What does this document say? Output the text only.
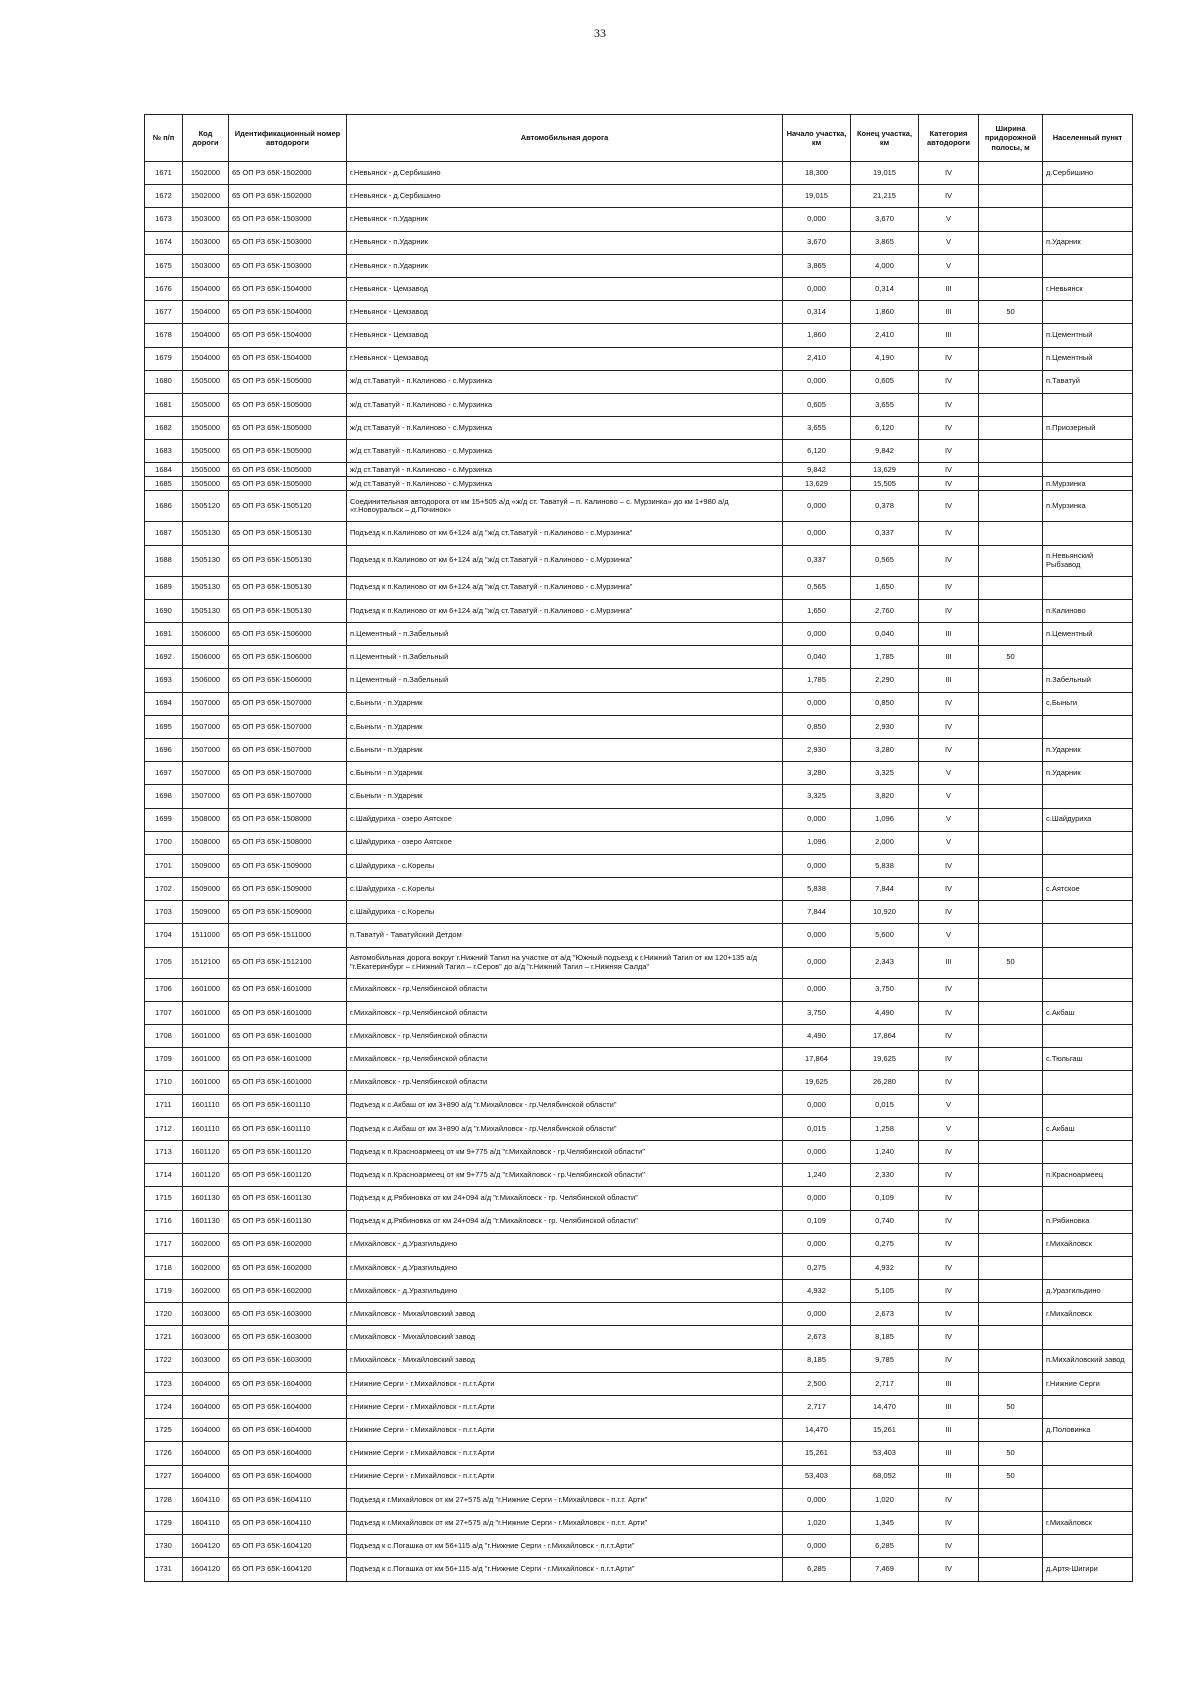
33
№ п/п	Код дороги	Идентификационный номер автодороги	Автомобильная дорога	Начало участка, км	Конец участка, км	Категория автодороги	Ширина придорожной полосы, м	Населенный пункт
1671	1502000	65 ОП РЗ 65К-1502000	г.Невьянск - д.Сербишино	18,300	19,015	IV		д.Сербишино
1672	1502000	65 ОП РЗ 65К-1502000	г.Невьянск - д.Сербишино	19,015	21,215	IV		
1673	1503000	65 ОП РЗ 65К-1503000	г.Невьянск - п.Ударник	0,000	3,670	V		
1674	1503000	65 ОП РЗ 65К-1503000	г.Невьянск - п.Ударник	3,670	3,865	V		п.Ударник
1675	1503000	65 ОП РЗ 65К-1503000	г.Невьянск - п.Ударник	3,865	4,000	V		
1676	1504000	65 ОП РЗ 65К-1504000	г.Невьянск - Цемзавод	0,000	0,314	III		г.Невьянск
1677	1504000	65 ОП РЗ 65К-1504000	г.Невьянск - Цемзавод	0,314	1,860	III	50	
1678	1504000	65 ОП РЗ 65К-1504000	г.Невьянск - Цемзавод	1,860	2,410	III		п.Цементный
1679	1504000	65 ОП РЗ 65К-1504000	г.Невьянск - Цемзавод	2,410	4,190	IV		п.Цементный
1680	1505000	65 ОП РЗ 65К-1505000	ж/д ст.Таватуй - п.Калиново - с.Мурзинка	0,000	0,605	IV		п.Таватуй
1681	1505000	65 ОП РЗ 65К-1505000	ж/д ст.Таватуй - п.Калиново - с.Мурзинка	0,605	3,655	IV		
1682	1505000	65 ОП РЗ 65К-1505000	ж/д ст.Таватуй - п.Калиново - с.Мурзинка	3,655	6,120	IV		п.Приозерный
1683	1505000	65 ОП РЗ 65К-1505000	ж/д ст.Таватуй - п.Калиново - с.Мурзинка	6,120	9,842	IV		
1684	1505000	65 ОП РЗ 65К-1505000	ж/д ст.Таватуй - п.Калиново - с.Мурзинка	9,842	13,629	IV		
1685	1505000	65 ОП РЗ 65К-1505000	ж/д ст.Таватуй - п.Калиново - с.Мурзинка	13,629	15,505	IV		п.Мурзинка
1686	1505120	65 ОП РЗ 65К-1505120	Соединительная автодорога от км 15+505 а/д «ж/д ст. Таватуй – п. Калиново – с. Мурзинка» до км 1+980 а/д «г.Новоуральск – д.Починок»	0,000	0,378	IV		п.Мурзинка
1687	1505130	65 ОП РЗ 65К-1505130	Подъезд к п.Калиново от км 6+124 а/д "ж/д ст.Таватуй - п.Калиново - с.Мурзинка"	0,000	0,337	IV		
1688	1505130	65 ОП РЗ 65К-1505130	Подъезд к п.Калиново от км 6+124 а/д "ж/д ст.Таватуй - п.Калиново - с.Мурзинка"	0,337	0,565	IV		п.Невьянский Рыбзавод
1689	1505130	65 ОП РЗ 65К-1505130	Подъезд к п.Калиново от км 6+124 а/д "ж/д ст.Таватуй - п.Калиново - с.Мурзинка"	0,565	1,650	IV		
1690	1505130	65 ОП РЗ 65К-1505130	Подъезд к п.Калиново от км 6+124 а/д "ж/д ст.Таватуй - п.Калиново - с.Мурзинка"	1,650	2,760	IV		п.Калиново
1691	1506000	65 ОП РЗ 65К-1506000	п.Цементный - п.Забельный	0,000	0,040	III		п.Цементный
1692	1506000	65 ОП РЗ 65К-1506000	п.Цементный - п.Забельный	0,040	1,785	III	50	
1693	1506000	65 ОП РЗ 65К-1506000	п.Цементный - п.Забельный	1,785	2,290	III		п.Забельный
1694	1507000	65 ОП РЗ 65К-1507000	с.Быньги - п.Ударник	0,000	0,850	IV		с.Быньги
1695	1507000	65 ОП РЗ 65К-1507000	с.Быньги - п.Ударник	0,850	2,930	IV		
1696	1507000	65 ОП РЗ 65К-1507000	с.Быньги - п.Ударник	2,930	3,280	IV		п.Ударник
1697	1507000	65 ОП РЗ 65К-1507000	с.Быньги - п.Ударник	3,280	3,325	V		п.Ударник
1698	1507000	65 ОП РЗ 65К-1507000	с.Быньги - п.Ударник	3,325	3,820	V		
1699	1508000	65 ОП РЗ 65К-1508000	с.Шайдуриха - озеро Аятское	0,000	1,096	V		с.Шайдуриха
1700	1508000	65 ОП РЗ 65К-1508000	с.Шайдуриха - озеро Аятское	1,096	2,000	V		
1701	1509000	65 ОП РЗ 65К-1509000	с.Шайдуриха - с.Корелы	0,000	5,838	IV		
1702	1509000	65 ОП РЗ 65К-1509000	с.Шайдуриха - с.Корелы	5,838	7,844	IV		с.Аятское
1703	1509000	65 ОП РЗ 65К-1509000	с.Шайдуриха - с.Корелы	7,844	10,920	IV		
1704	1511000	65 ОП РЗ 65К-1511000	п.Таватуй - Таватуйский Детдом	0,000	5,600	V		
1705	1512100	65 ОП РЗ 65К-1512100	Автомобильная дорога вокруг г.Нижний Тагил на участке от а/д "Южный подъезд к г.Нижний Тагил от км 120+135 а/д "г.Екатеринбург – г.Нижний Тагил – г.Серов" до а/д "г.Нижний Тагил – г.Нижняя Салда"	0,000	2,343	III	50	
1706	1601000	65 ОП РЗ 65К-1601000	г.Михайловск - гр.Челябинской области	0,000	3,750	IV		
1707	1601000	65 ОП РЗ 65К-1601000	г.Михайловск - гр.Челябинской области	3,750	4,490	IV		с.Акбаш
1708	1601000	65 ОП РЗ 65К-1601000	г.Михайловск - гр.Челябинской области	4,490	17,864	IV		
1709	1601000	65 ОП РЗ 65К-1601000	г.Михайловск - гр.Челябинской области	17,864	19,625	IV		с.Тюльгаш
1710	1601000	65 ОП РЗ 65К-1601000	г.Михайловск - гр.Челябинской области	19,625	26,280	IV		
1711	1601110	65 ОП РЗ 65К-1601110	Подъезд к с.Акбаш от км 3+890 а/д "г.Михайловск - гр.Челябинской области"	0,000	0,015	V		
1712	1601110	65 ОП РЗ 65К-1601110	Подъезд к с.Акбаш от км 3+890 а/д "г.Михайловск - гр.Челябинской области"	0,015	1,258	V		с.Акбаш
1713	1601120	65 ОП РЗ 65К-1601120	Подъезд к п.Красноармеец от км 9+775 а/д "г.Михайловск - гр.Челябинской области"	0,000	1,240	IV		
1714	1601120	65 ОП РЗ 65К-1601120	Подъезд к п.Красноармеец от км 9+775 а/д "г.Михайловск - гр.Челябинской области"	1,240	2,330	IV		п.Красноармеец
1715	1601130	65 ОП РЗ 65К-1601130	Подъезд к д.Рябиновка от км 24+094 а/д "г.Михайловск - гр. Челябинской области"	0,000	0,109	IV		
1716	1601130	65 ОП РЗ 65К-1601130	Подъезд к д.Рябиновка от км 24+094 а/д "г.Михайловск - гр. Челябинской области"	0,109	0,740	IV		п.Рябиновка
1717	1602000	65 ОП РЗ 65К-1602000	г.Михайловск - д.Уразгильдино	0,000	0,275	IV		г.Михайловск
1718	1602000	65 ОП РЗ 65К-1602000	г.Михайловск - д.Уразгильдино	0,275	4,932	IV		
1719	1602000	65 ОП РЗ 65К-1602000	г.Михайловск - д.Уразгильдино	4,932	5,105	IV		д.Уразгильдино
1720	1603000	65 ОП РЗ 65К-1603000	г.Михайловск - Михайловский завод	0,000	2,673	IV		г.Михайловск
1721	1603000	65 ОП РЗ 65К-1603000	г.Михайловск - Михайловский завод	2,673	8,185	IV		
1722	1603000	65 ОП РЗ 65К-1603000	г.Михайловск - Михайловский завод	8,185	9,785	IV		п.Михайловский завод
1723	1604000	65 ОП РЗ 65К-1604000	г.Нижние Серги - г.Михайловск - п.г.т.Арти	2,500	2,717	III		г.Нижние Серги
1724	1604000	65 ОП РЗ 65К-1604000	г.Нижние Серги - г.Михайловск - п.г.т.Арти	2,717	14,470	III	50	
1725	1604000	65 ОП РЗ 65К-1604000	г.Нижние Серги - г.Михайловск - п.г.т.Арти	14,470	15,261	III		д.Половинка
1726	1604000	65 ОП РЗ 65К-1604000	г.Нижние Серги - г.Михайловск - п.г.т.Арти	15,261	53,403	III	50	
1727	1604000	65 ОП РЗ 65К-1604000	г.Нижние Серги - г.Михайловск - п.г.т.Арти	53,403	68,052	III	50	
1728	1604110	65 ОП РЗ 65К-1604110	Подъезд к г.Михайловск от км 27+575 а/д "г.Нижние Серги - г.Михайловск - п.г.т. Арти"	0,000	1,020	IV		
1729	1604110	65 ОП РЗ 65К-1604110	Подъезд к г.Михайловск от км 27+575 а/д "г.Нижние Серги - г.Михайловск - п.г.т. Арти"	1,020	1,345	IV		г.Михайловск
1730	1604120	65 ОП РЗ 65К-1604120	Подъезд к с.Погашка от км 56+115 а/д "г.Нижние Серги - г.Михайловск - п.г.т.Арти"	0,000	6,285	IV		
1731	1604120	65 ОП РЗ 65К-1604120	Подъезд к с.Погашка от км 56+115 а/д "г.Нижние Серги - г.Михайловск - п.г.т.Арти"	6,285	7,469	IV		д.Артя-Шигири
